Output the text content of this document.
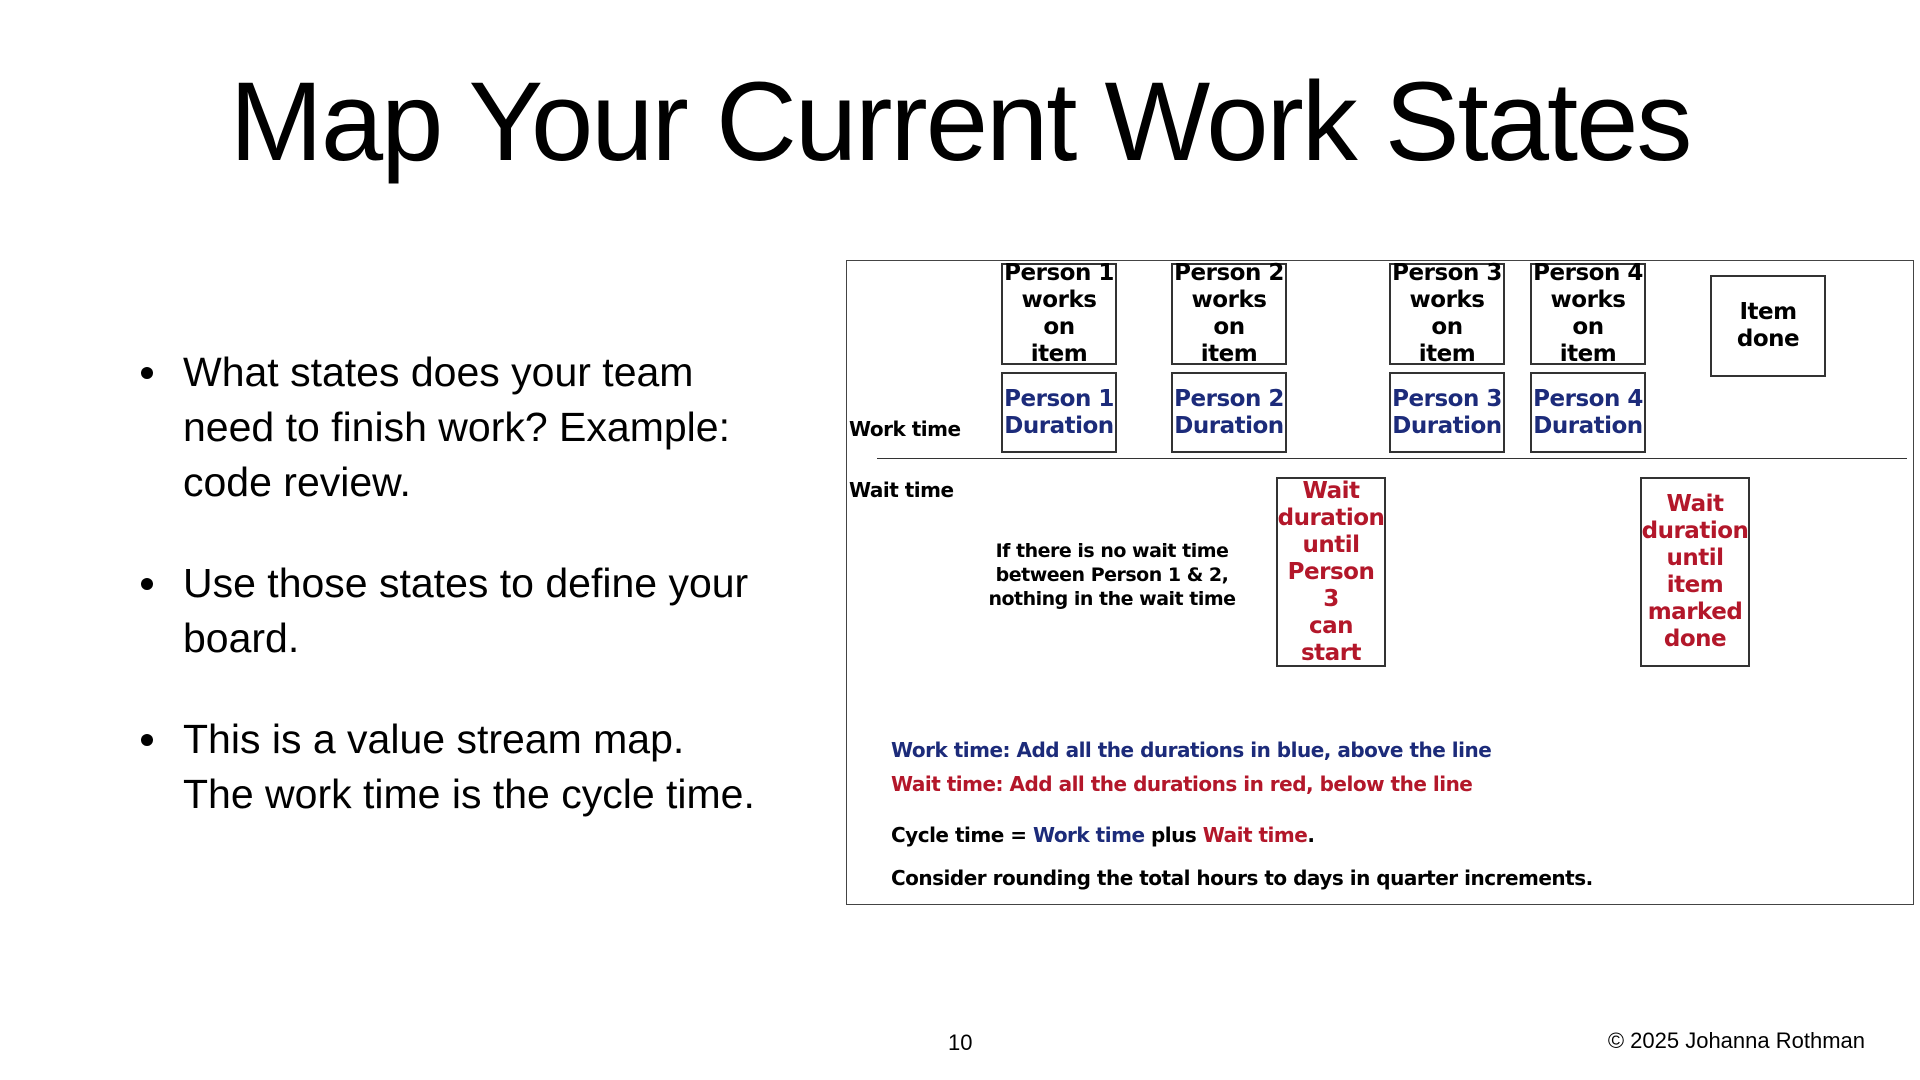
Map Your Current Work States
What states does your team need to finish work? Example: code review.
Use those states to define your board.
This is a value stream map. The work time is the cycle time.
Person 1
works on
item
Person 2
works on
item
Person 3
works on
item
Person 4
works on
item
Item done
Person 1
Duration
Person 2
Duration
Person 3
Duration
Person 4
Duration
Work time
Wait time
If there is no wait time between Person 1 & 2, nothing in the wait time
Wait
duration
until
Person 3
can
start
Wait
duration
until
item
marked
done
Work time: Add all the durations in blue, above the line
Wait time: Add all the durations in red, below the line
Cycle time = Work time plus Wait time.
Consider rounding the total hours to days in quarter increments.
10	© 2025 Johanna Rothman
